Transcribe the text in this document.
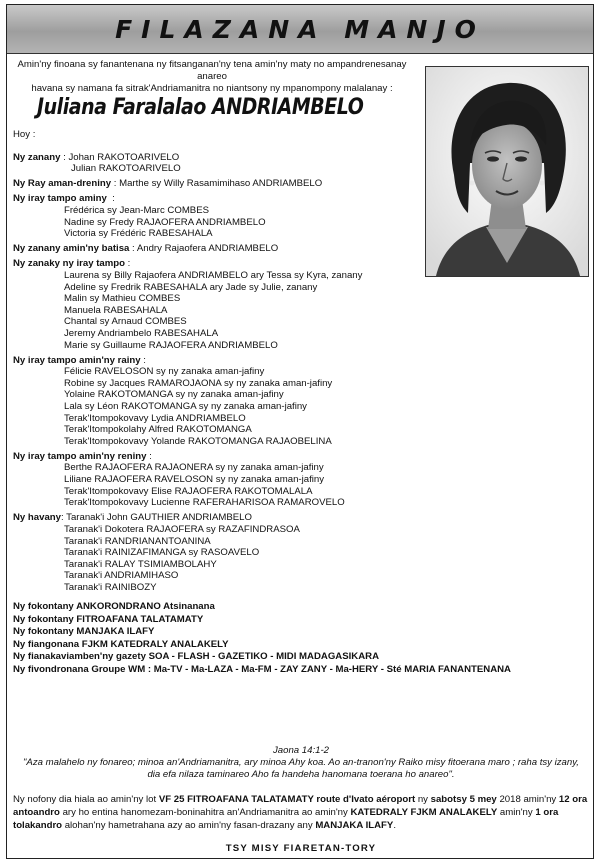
FILAZANA MANJO
Amin'ny finoana sy fanantenana ny fitsanganan'ny tena amin'ny maty no ampandrenesanay anareo
havana sy namana fa sitrak'Andriamanitra no niantsony ny mpanompony malalanay :
Juliana Faralalao ANDRIAMBELO
Hoy :
Ny zanany : Johan RAKOTOARIVELO
Julian RAKOTOARIVELO
Ny Ray aman-dreniny : Marthe sy Willy Rasamimihaso ANDRIAMBELO
Ny iray tampo aminy  :
Frédérica sy Jean-Marc COMBES
Nadine sy Fredy RAJAOFERA ANDRIAMBELO
Victoria sy Frédéric RABESAHALA
Ny zanany amin'ny batisa : Andry Rajaofera ANDRIAMBELO
Ny zanaky ny iray tampo :
Laurena sy Billy Rajaofera ANDRIAMBELO ary Tessa sy Kyra, zanany
Adeline sy Fredrik RABESAHALA ary Jade sy Julie, zanany
Malin sy Mathieu COMBES
Manuela RABESAHALA
Chantal sy Arnaud COMBES
Jeremy Andriambelo RABESAHALA
Marie sy Guillaume RAJAOFERA ANDRIAMBELO
Ny iray tampo amin'ny rainy :
Félicie RAVELOSON sy ny zanaka aman-jafiny
Robine sy Jacques RAMAROJAONA sy ny zanaka aman-jafiny
Yolaine RAKOTOMANGA sy ny zanaka aman-jafiny
Lala sy Léon RAKOTOMANGA sy ny zanaka aman-jafiny
Terak'Itompokovavy Lydia ANDRIAMBELO
Terak'Itompokolahy Alfred RAKOTOMANGA
Terak'Itompokovavy Yolande RAKOTOMANGA RAJAOBELINA
Ny iray tampo amin'ny reniny :
Berthe RAJAOFERA RAJAONERA sy ny zanaka aman-jafiny
Liliane RAJAOFERA RAVELOSON sy ny zanaka aman-jafiny
Terak'Itompokovavy Elise RAJAOFERA RAKOTOMALALA
Terak'Itompokovavy Lucienne RAFERAHARISOA RAMAROVELO
Ny havany: Taranak'i John GAUTHIER ANDRIAMBELO
Taranak'i Dokotera RAJAOFERA sy RAZAFINDRASOA
Taranak'i RANDRIANANTOANINA
Taranak'i RAINIZAFIMANGA sy RASOAVELO
Taranak'i RALAY TSIMIAMBOLAHY
Taranak'i ANDRIAMIHASO
Taranak'i RAINIBOZY
Ny fokontany ANKORONDRANO Atsinanana
Ny fokontany FITROAFANA TALATAMATY
Ny fokontany MANJAKA ILAFY
Ny fiangonana FJKM KATEDRALY ANALAKELY
Ny fianakaviamben'ny gazety SOA - FLASH - GAZETIKO - MIDI MADAGASIKARA
Ny fivondronana Groupe WM : Ma-TV - Ma-LAZA - Ma-FM - ZAY ZANY - Ma-HERY - Sté MARIA FANANTENANA
Jaona 14:1-2
"Aza malahelo ny fonareo; minoa an'Andriamanitra, ary minoa Ahy koa. Ao an-tranon'ny Raiko misy fitoerana maro ; raha tsy izany,
dia efa nilaza taminareo Aho fa handeha hanomana toerana ho anareo".
Ny nofony dia hiala ao amin'ny lot VF 25 FITROAFANA TALATAMATY route d'Ivato aéroport ny sabotsy 5 mey 2018 amin'ny 12 ora antoandro ary ho entina hanomezam-boninahitra an'Andriamanitra ao amin'ny KATEDRALY FJKM ANALAKELY amin'ny 1 ora tolakandro alohan'ny hametrahana azy ao amin'ny fasan-drazany any MANJAKA ILAFY.
TSY MISY FIARETAN-TORY
